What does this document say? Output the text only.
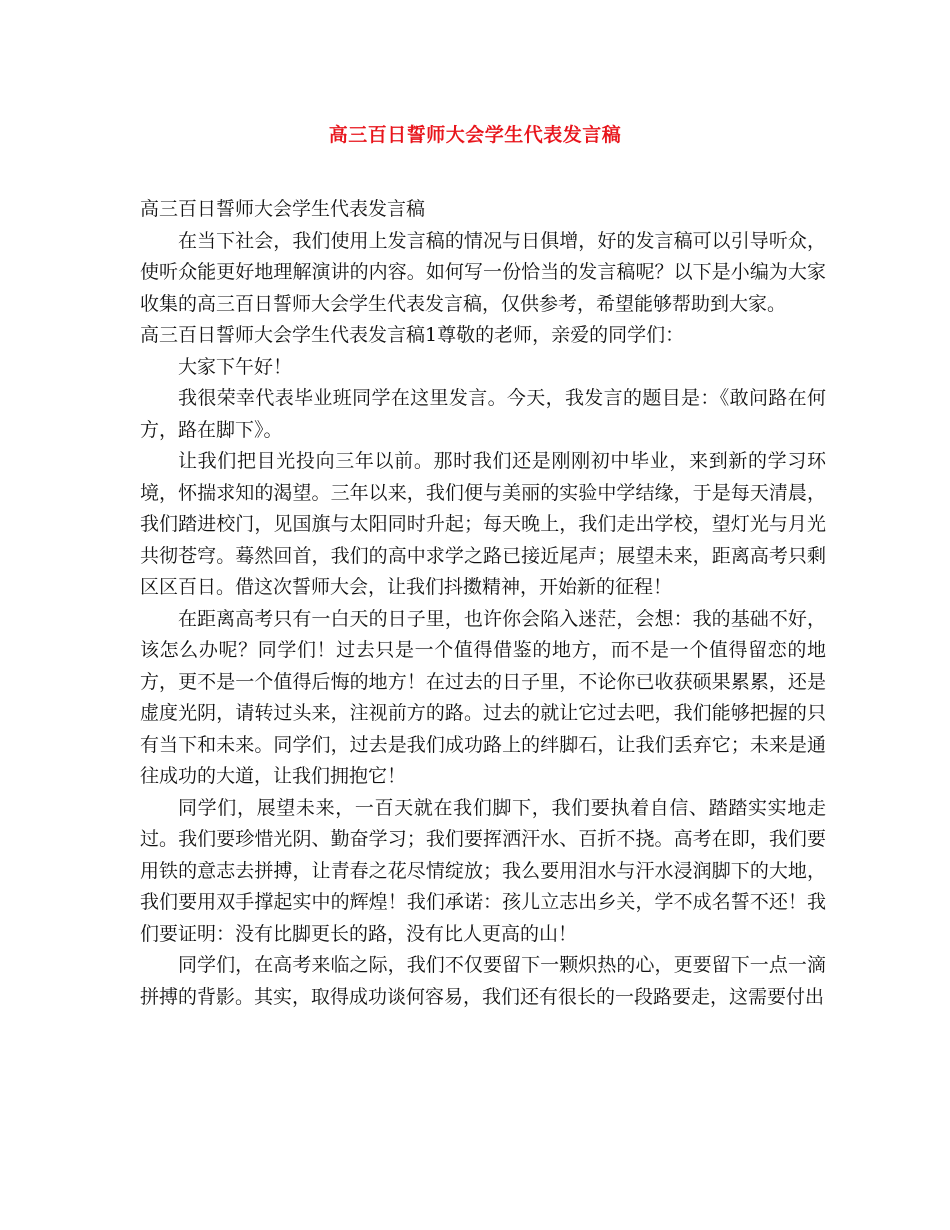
高三百日誓师大会学生代表发言稿

高三百日誓师大会学生代表发言稿

在当下社会，我们使用上发言稿的情况与日俱增，好的发言稿可以引导听众，使听众能更好地理解演讲的内容。如何写一份恰当的发言稿呢？以下是小编为大家收集的高三百日誓师大会学生代表发言稿，仅供参考，希望能够帮助到大家。

高三百日誓师大会学生代表发言稿1尊敬的老师，亲爱的同学们：

大家下午好！

我很荣幸代表毕业班同学在这里发言。今天，我发言的题目是：《敢问路在何方，路在脚下》。

让我们把目光投向三年以前。那时我们还是刚刚初中毕业，来到新的学习环境，怀揣求知的渴望。三年以来，我们便与美丽的实验中学结缘，于是每天清晨，我们踏进校门，见国旗与太阳同时升起；每天晚上，我们走出学校，望灯光与月光共彻苍穹。蓦然回首，我们的高中求学之路已接近尾声；展望未来，距离高考只剩区区百日。借这次誓师大会，让我们抖擞精神，开始新的征程！

在距离高考只有一白天的日子里，也许你会陷入迷茫，会想：我的基础不好，该怎么办呢？同学们！过去只是一个值得借鉴的地方，而不是一个值得留恋的地方，更不是一个值得后悔的地方！在过去的日子里，不论你已收获硕果累累，还是虚度光阴，请转过头来，注视前方的路。过去的就让它过去吧，我们能够把握的只有当下和未来。同学们，过去是我们成功路上的绊脚石，让我们丢弃它；未来是通往成功的大道，让我们拥抱它！

同学们，展望未来，一百天就在我们脚下，我们要执着自信、踏踏实实地走过。我们要珍惜光阴、勤奋学习；我们要挥洒汗水、百折不挠。高考在即，我们要用铁的意志去拼搏，让青春之花尽情绽放；我么要用泪水与汗水浸润脚下的大地，我们要用双手撑起实中的辉煌！我们承诺：孩儿立志出乡关，学不成名誓不还！我们要证明：没有比脚更长的路，没有比人更高的山！

同学们，在高考来临之际，我们不仅要留下一颗炽热的心，更要留下一点一滴拼搏的背影。其实，取得成功谈何容易，我们还有很长的一段路要走，这需要付出
